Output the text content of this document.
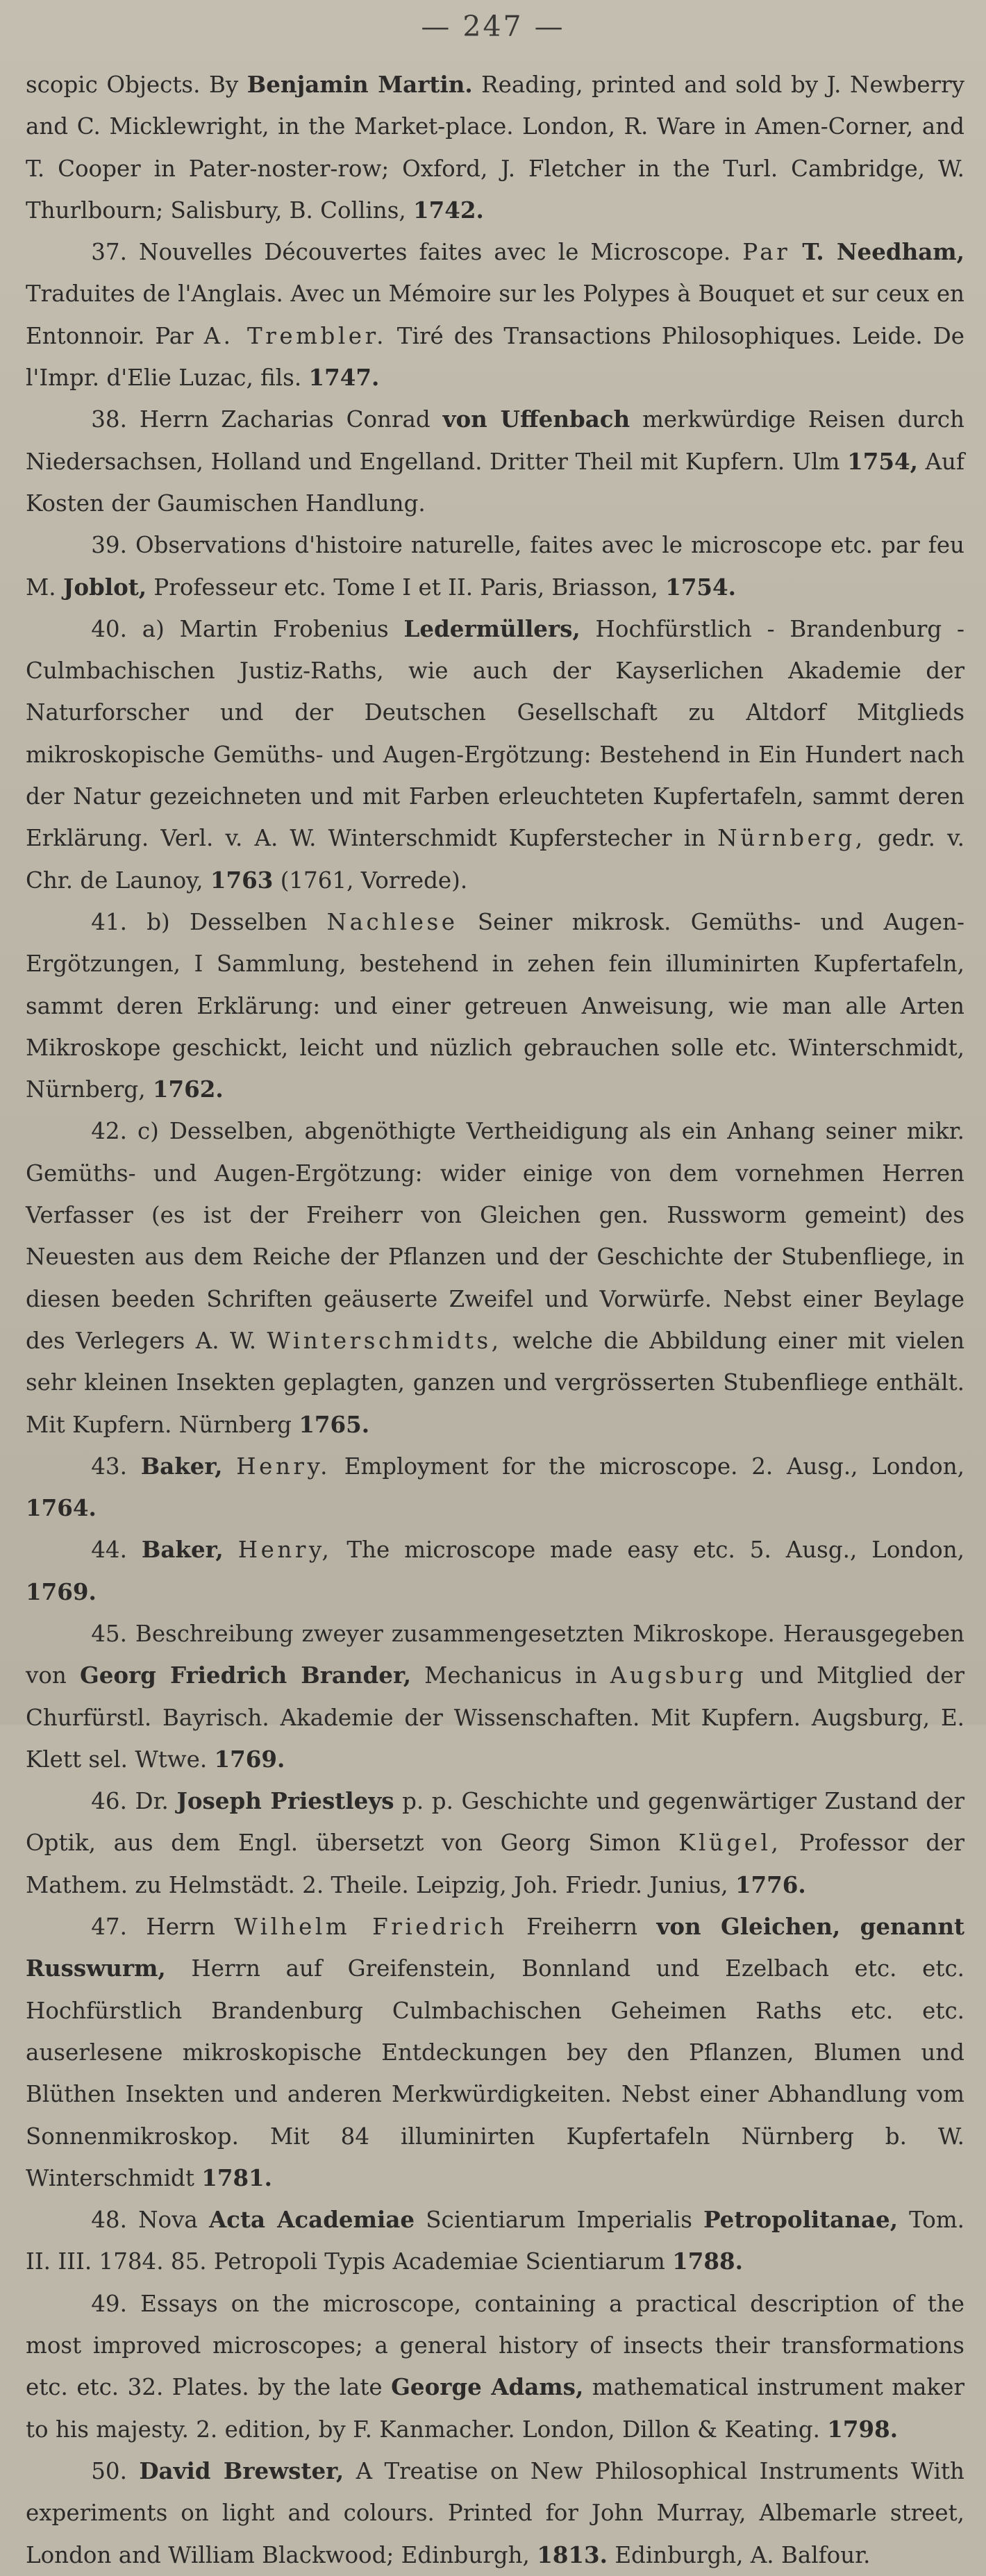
— 247 —

scopic Objects. By Benjamin Martin. Reading, printed and sold by J. Newberry and C. Micklewright, in the Market-place. London, R. Ware in Amen-Corner, and T. Cooper in Pater-noster-row; Oxford, J. Fletcher in the Turl. Cambridge, W. Thurlbourn; Salisbury, B. Collins, 1742.

37. Nouvelles Découvertes faites avec le Microscope. Par T. Needham, Traduites de l'Anglais. Avec un Mémoire sur les Polypes à Bouquet et sur ceux en Entonnoir. Par A. Trembler. Tiré des Transactions Philosophiques. Leide. De l'Impr. d'Elie Luzac, fils. 1747.

38. Herrn Zacharias Conrad von Uffenbach merkwürdige Reisen durch Niedersachsen, Holland und Engelland. Dritter Theil mit Kupfern. Ulm 1754, Auf Kosten der Gaumischen Handlung.

39. Observations d'histoire naturelle, faites avec le microscope etc. par feu M. Joblot, Professeur etc. Tome I et II. Paris, Briasson, 1754.

40. a) Martin Frobenius Ledermüllers, Hochfürstlich - Brandenburg - Culmbachischen Justiz-Raths, wie auch der Kayserlichen Akademie der Naturforscher und der Deutschen Gesellschaft zu Altdorf Mitglieds mikroskopische Gemüths- und Augen-Ergötzung: Bestehend in Ein Hundert nach der Natur gezeichneten und mit Farben erleuchteten Kupfertafeln, sammt deren Erklärung. Verl. v. A. W. Winterschmidt Kupferstecher in Nürnberg, gedr. v. Chr. de Launoy, 1763 (1761, Vorrede).

41. b) Desselben Nachlese Seiner mikrosk. Gemüths- und Augen-Ergötzungen, I Sammlung, bestehend in zehen fein illuminirten Kupfertafeln, sammt deren Erklärung: und einer getreuen Anweisung, wie man alle Arten Mikroskope geschickt, leicht und nüzlich gebrauchen solle etc. Winterschmidt, Nürnberg, 1762.

42. c) Desselben, abgenöthigte Vertheidigung als ein Anhang seiner mikr. Gemüths- und Augen-Ergötzung: wider einige von dem vornehmen Herren Verfasser (es ist der Freiherr von Gleichen gen. Russworm gemeint) des Neuesten aus dem Reiche der Pflanzen und der Geschichte der Stubenfliege, in diesen beeden Schriften geäuserte Zweifel und Vorwürfe. Nebst einer Beylage des Verlegers A. W. Winterschmidts, welche die Abbildung einer mit vielen sehr kleinen Insekten geplagten, ganzen und vergrösserten Stubenfliege enthält. Mit Kupfern. Nürnberg 1765.

43. Baker, Henry. Employment for the microscope. 2. Ausg., London, 1764.

44. Baker, Henry, The microscope made easy etc. 5. Ausg., London, 1769.

45. Beschreibung zweyer zusammengesetzten Mikroskope. Herausgegeben von Georg Friedrich Brander, Mechanicus in Augsburg und Mitglied der Churfürstl. Bayrisch. Akademie der Wissenschaften. Mit Kupfern. Augsburg, E. Klett sel. Wtwe. 1769.

46. Dr. Joseph Priestleys p. p. Geschichte und gegenwärtiger Zustand der Optik, aus dem Engl. übersetzt von Georg Simon Klügel, Professor der Mathem. zu Helmstädt. 2. Theile. Leipzig, Joh. Friedr. Junius, 1776.

47. Herrn Wilhelm Friedrich Freiherrn von Gleichen, genannt Russwurm, Herrn auf Greifenstein, Bonnland und Ezelbach etc. etc. Hochfürstlich Brandenburg Culmbachischen Geheimen Raths etc. etc. auserlesene mikroskopische Entdeckungen bey den Pflanzen, Blumen und Blüthen Insekten und anderen Merkwürdigkeiten. Nebst einer Abhandlung vom Sonnenmikroskop. Mit 84 illuminirten Kupfertafeln Nürnberg b. W. Winterschmidt 1781.

48. Nova Acta Academiae Scientiarum Imperialis Petropolitanae, Tom. II. III. 1784. 85. Petropoli Typis Academiae Scientiarum 1788.

49. Essays on the microscope, containing a practical description of the most improved microscopes; a general history of insects their transformations etc. etc. 32. Plates. by the late George Adams, mathematical instrument maker to his majesty. 2. edition, by F. Kanmacher. London, Dillon & Keating. 1798.

50. David Brewster, A Treatise on New Philosophical Instruments With experiments on light and colours. Printed for John Murray, Albemarle street, London and William Blackwood; Edinburgh, 1813. Edinburgh, A. Balfour.
